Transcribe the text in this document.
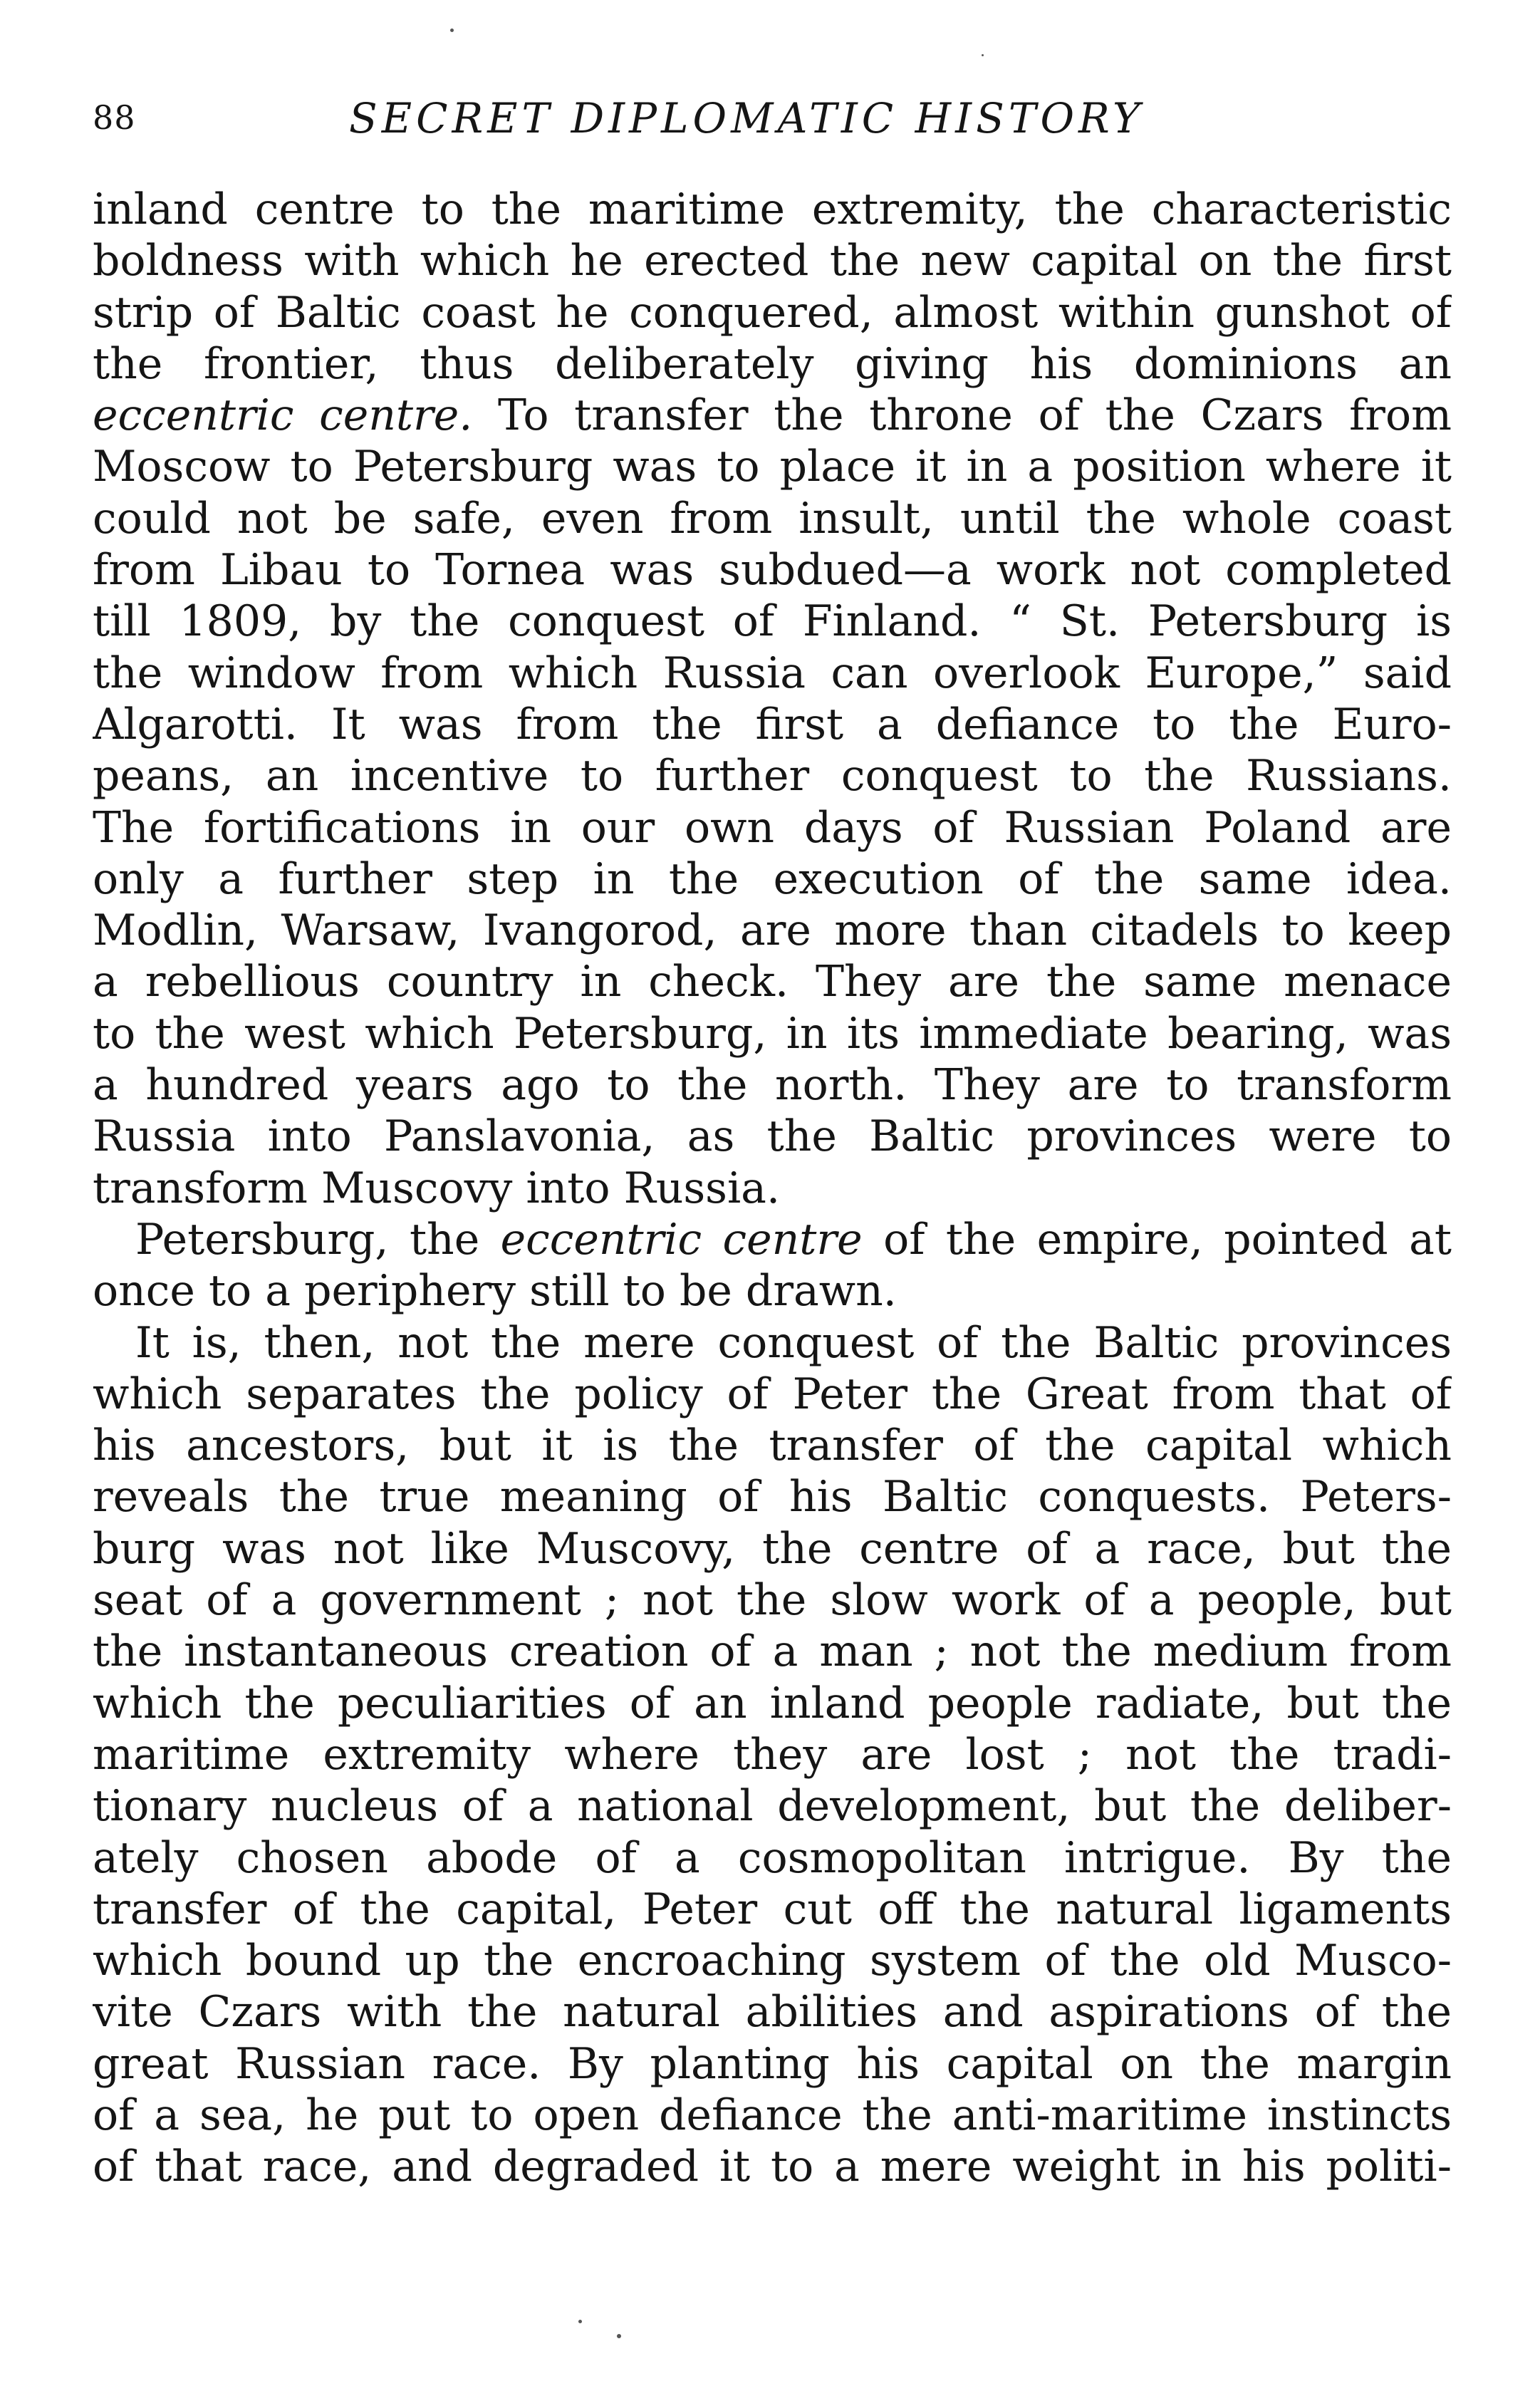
88	SECRET DIPLOMATIC HISTORY
inland centre to the maritime extremity, the characteristic
boldness with which he erected the new capital on the first
strip of Baltic coast he conquered, almost within gunshot of
the frontier, thus deliberately giving his dominions an
eccentric centre. To transfer the throne of the Czars from
Moscow to Petersburg was to place it in a position where it
could not be safe, even from insult, until the whole coast
from Libau to Tornea was subdued—a work not completed
till 1809, by the conquest of Finland. “ St. Petersburg is
the window from which Russia can overlook Europe,” said
Algarotti. It was from the first a defiance to the Euro-
peans, an incentive to further conquest to the Russians.
The fortifications in our own days of Russian Poland are
only a further step in the execution of the same idea.
Modlin, Warsaw, Ivangorod, are more than citadels to keep
a rebellious country in check. They are the same menace
to the west which Petersburg, in its immediate bearing, was
a hundred years ago to the north. They are to transform
Russia into Panslavonia, as the Baltic provinces were to
transform Muscovy into Russia.
Petersburg, the eccentric centre of the empire, pointed at
once to a periphery still to be drawn.
It is, then, not the mere conquest of the Baltic provinces
which separates the policy of Peter the Great from that of
his ancestors, but it is the transfer of the capital which
reveals the true meaning of his Baltic conquests. Peters-
burg was not like Muscovy, the centre of a race, but the
seat of a government ; not the slow work of a people, but
the instantaneous creation of a man ; not the medium from
which the peculiarities of an inland people radiate, but the
maritime extremity where they are lost ; not the tradi-
tionary nucleus of a national development, but the deliber-
ately chosen abode of a cosmopolitan intrigue. By the
transfer of the capital, Peter cut off the natural ligaments
which bound up the encroaching system of the old Musco-
vite Czars with the natural abilities and aspirations of the
great Russian race. By planting his capital on the margin
of a sea, he put to open defiance the anti-maritime instincts
of that race, and degraded it to a mere weight in his politi-
